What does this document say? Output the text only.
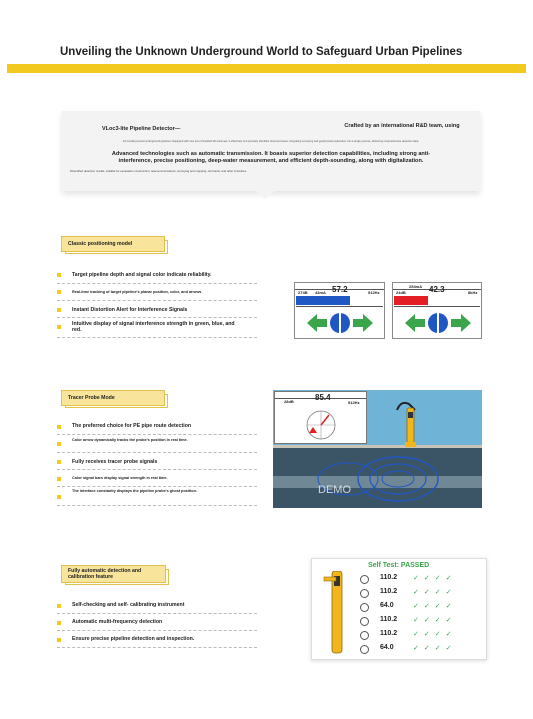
Unveiling the Unknown Underground World to Safeguard Urban Pipelines
VLoc3-lite Pipeline Detector—	Crafted by an international R&D team, using
For locating buried underground pipelines. Equipped with new era of shielded 3D antennas, it effectively and precisely identifies obscured areas, integrating surveying and geophysical exploration into a single process, delivering comprehensive detection data.
Advanced technologies such as automatic transmission. It boasts superior detection capabilities, including strong anti-interference, precise positioning, deep-water measurement, and efficient depth-sounding, along with digitalization.
Diversified detection results, suitable for excavation construction, telecommunications, surveying and mapping, rail transit, and other industries.
Classic positioning model
Target pipeline depth and signal color indicate reliability.
Real-time tracking of target pipeline's planar position, color, and arrows
Instant Distortion Alert for Interference Signals
Intuitive display of signal interference strength in green, blue, and red.
274B 43mA 57.2	512Hz	24dB
254mA 42.3	8kHz
Tracer Probe Mode
The preferred choice for PE pipe route detection
Color arrow dynamically tracks the probe's position in real time.
Fully receives tracer probe signals
Color signal bars display signal strength in real time.
The interface constantly displays the pipeline probe's ghost position.	DEMO
28dB	85.4
512Hz
Fully automatic detection and calibration feature
Self-checking and self- calibrating instrument
Automatic multi-frequency detection
Ensure precise pipeline detection and inspection.
Self Test: PASSED
110.2 ✓✓✓✓
110.2 ✓✓✓✓
64.0	✓✓✓✓
110.2 ✓✓✓✓
110.2 ✓✓✓✓
64.0	✓✓✓✓
